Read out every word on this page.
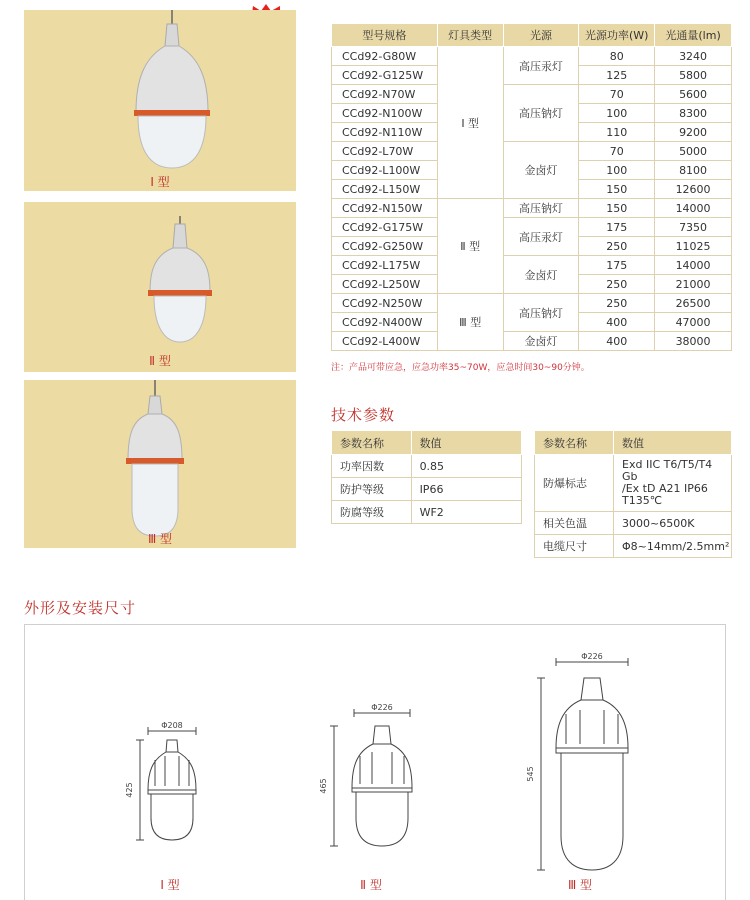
Ⅰ 型
Ⅱ 型
Ⅲ 型
型号规格	灯具类型	光源	光源功率(W)	光通量(lm)
CCd92-G80W	Ⅰ 型	高压汞灯	80	3240
CCd92-G125W			125	5800
CCd92-N70W		高压钠灯	70	5600
CCd92-N100W			100	8300
CCd92-N110W			110	9200
CCd92-L70W		金卤灯	70	5000
CCd92-L100W			100	8100
CCd92-L150W			150	12600
CCd92-N150W	Ⅱ 型	高压钠灯	150	14000
CCd92-G175W		高压汞灯	175	7350
CCd92-G250W			250	11025
CCd92-L175W		金卤灯	175	14000
CCd92-L250W			250	21000
CCd92-N250W	Ⅲ 型	高压钠灯	250	26500
CCd92-N400W			400	47000
CCd92-L400W		金卤灯	400	38000
注：产品可带应急，应急功率35~70W，应急时间30~90分钟。
技术参数
参数名称	数值
功率因数	0.85
防护等级	IP66
防腐等级	WF2
参数名称	数值
防爆标志	Exd IIC T6/T5/T4 Gb
/Ex tD A21 IP66
T135℃

相关色温	3000~6500K
电缆尺寸	Φ8~14mm/2.5mm²
外形及安装尺寸
Φ208
425
Φ226
465
Φ226
545
Ⅰ 型	Ⅱ 型	Ⅲ 型
